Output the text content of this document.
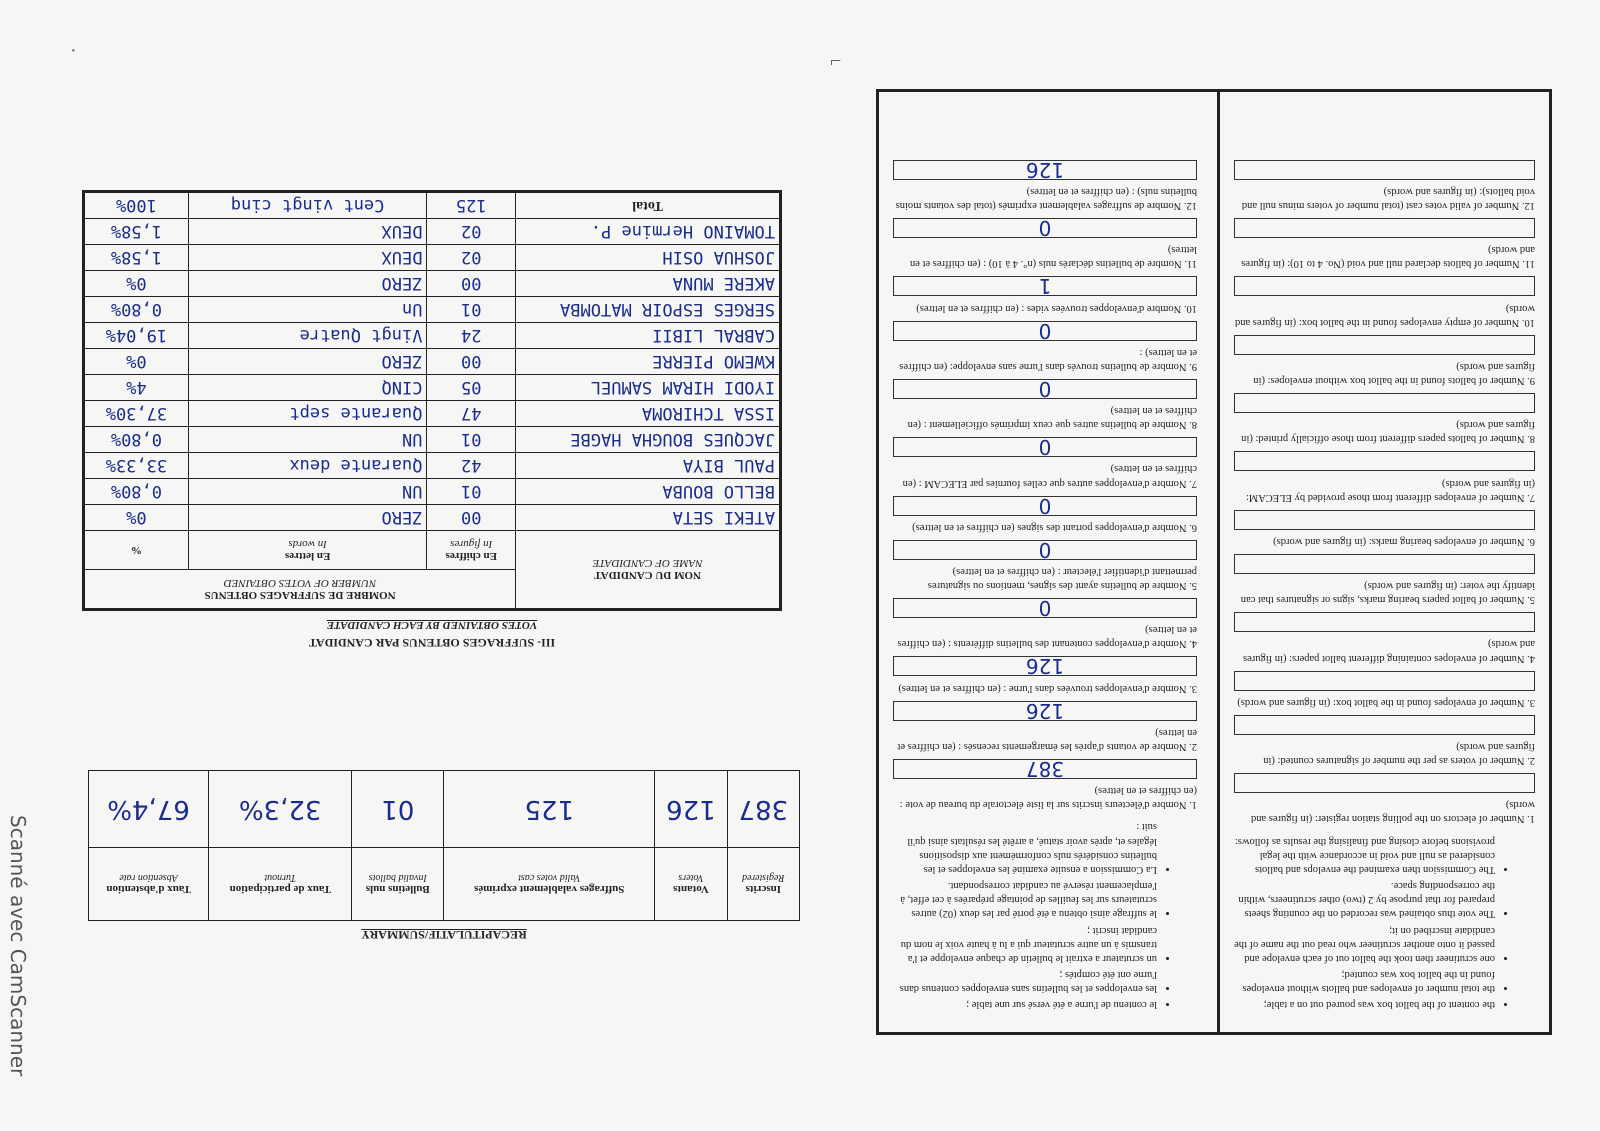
Scanné avec CamScanner
·	⌐
• the content of the ballot box was poured out on a table;
• the total number of envelopes and ballots without envelopes found in the ballot box was counted;
• one scrutineer then took the ballot out of each envelope and passed it onto another scrutineer who read out the name of the candidate inscribed on it;
• The vote thus obtained was recorded on the counting sheets prepared for that purpose by 2 (two) other scrutineers, within the corresponding space.
• The Commission then examined the envelops and ballots considered as null and void in accordance with the legal provisions before closing and finalising the results as follows:
1. Number of electors on the polling station register: (in figures and words)
2. Number of voters as per the number of signatures counted: (in figures and words)
3. Number of envelopes found in the ballot box: (in figures and words)
4. Number of envelopes containing different ballot papers: (in figures and words)
5. Number of ballot papers bearing marks, signs or signatures that can identify the voter: (in figures and words)
6. Number of envelopes bearing marks: (in figures and words)
7. Number of envelopes different from those provided by ELECAM: (in figures and words)
8. Number of ballots papers different from those officially printed: (in figures and words)
9. Number of ballots found in the ballot box without envelopes: (in figures and words)
10. Number of empty envelopes found in the ballot box: (in figures and words)
11. Number of ballots declared null and void (No. 4 to 10): (in figures and words)
12. Number of valid votes cast (total number of voters minus null and void ballots): (in figures and words)
• le contenu de l'urne a été versé sur une table ;
• les enveloppes et les bulletins sans enveloppes contenus dans l'urne ont été comptés ;
• un scrutateur a extrait le bulletin de chaque enveloppe et l'a transmis à un autre scrutateur qui a lu à haute voix le nom du candidat inscrit ;
• le suffrage ainsi obtenu a été porté par les deux (02) autres scrutateurs sur les feuilles de pointage préparées à cet effet, à l'emplacement réservé au candidat correspondant.
• La Commission a ensuite examiné les enveloppes et les bulletins considérés nuls conformément aux dispositions légales et, après avoir statué, a arrêté les résultats ainsi qu'il suit :
1. Nombre d'électeurs inscrits sur la liste électorale du bureau de vote : (en chiffres et en lettres)
387
2. Nombre de votants d'après les émargements recensés : (en chiffres et en lettres)
126
3. Nombre d'enveloppes trouvées dans l'urne : (en chiffres et en lettres)
126
4. Nombre d'enveloppes contenant des bulletins différents : (en chiffres et en lettres)
0
5. Nombre de bulletins ayant des signes, mentions ou signatures permettant d'identifier l'électeur : (en chiffres et en lettres)
0
6. Nombre d'enveloppes portant des signes (en chiffres et en lettres)
0
7. Nombre d'enveloppes autres que celles fournies par ELECAM : (en chiffres et en lettres)
0
8. Nombre de bulletins autres que ceux imprimés officiellement : (en chiffres et en lettres)
0
9. Nombre de bulletins trouvés dans l'urne sans enveloppe: (en chiffres et en lettres) :
0
10. Nombre d'enveloppes trouvées vides : (en chiffres et en lettres)
1
11. Nombre de bulletins déclarés nuls (n°. 4 à 10) : (en chiffres et en lettres)
0
12. Nombre de suffrages valablement exprimés (total des votants moins bulletins nuls) : (en chiffres et en lettres)
126
III- SUFFRAGES OBTENUS PAR CANDIDAT
VOTES OBTAINED BY EACH CANDIDATE
NOM DU CANDIDAT
NAME OF CANDIDATE	NOMBRE DE SUFFRAGES OBTENUS
NUMBER OF VOTES OBTAINED		

	En chiffres
In figures	En lettres
In words	%
ATEKI SETA	00	ZERO	0%
BELLO BOUBA	01	UN	0,80%
PAUL BIYA	42	Quarante deux	33,33%
JACQUES BOUGHA HAGBE	01	UN	0,80%
ISSA TCHIROMA	47	Quarante sept	37,30%
IYODI HIRAM SAMUEL	05	CINQ	4%
KWEMO PIERRE	00	ZERO	0%
CABRAL LIBII	24	Vingt Quatre	19,04%
SERGES ESPOIR MATOMBA	01	Un	0,80%
AKERE MUNA	00	ZERO	0%
JOSHUA OSIH	02	DEUX	1,58%
TOMAINO Hermine P.	02	DEUX	1,58%
Total	125	Cent vingt cinq	100%
RECAPITULATIF/SUMMARY
Inscrits
Registered	Votants
Voters	Suffrages valablement exprimés
Valid votes cast	Bulletins nuls
Invalid ballots	Taux de participation
Turnout	Taux d'abstention
Absention rate

387	126	125	01	32,3%	67,4%
